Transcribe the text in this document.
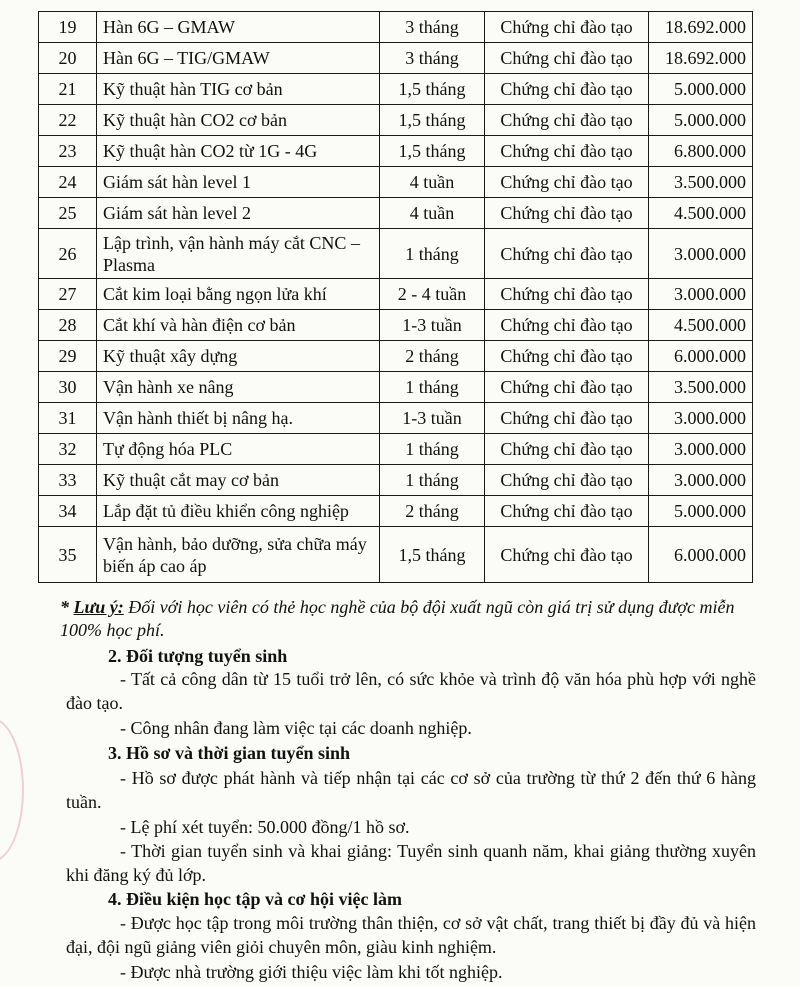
19	Hàn 6G – GMAW	3 tháng	Chứng chỉ đào tạo	18.692.000
20	Hàn 6G – TIG/GMAW	3 tháng	Chứng chỉ đào tạo	18.692.000
21	Kỹ thuật hàn TIG cơ bản	1,5 tháng	Chứng chỉ đào tạo	5.000.000
22	Kỹ thuật hàn CO2 cơ bản	1,5 tháng	Chứng chỉ đào tạo	5.000.000
23	Kỹ thuật hàn CO2 từ 1G - 4G	1,5 tháng	Chứng chỉ đào tạo	6.800.000
24	Giám sát hàn level 1	4 tuần	Chứng chỉ đào tạo	3.500.000
25	Giám sát hàn level 2	4 tuần	Chứng chỉ đào tạo	4.500.000
26	Lập trình, vận hành máy cắt CNC – Plasma	1 tháng	Chứng chỉ đào tạo	3.000.000
27	Cắt kim loại bằng ngọn lửa khí	2 - 4 tuần	Chứng chỉ đào tạo	3.000.000
28	Cắt khí và hàn điện cơ bản	1-3 tuần	Chứng chỉ đào tạo	4.500.000
29	Kỹ thuật xây dựng	2 tháng	Chứng chỉ đào tạo	6.000.000
30	Vận hành xe nâng	1 tháng	Chứng chỉ đào tạo	3.500.000
31	Vận hành thiết bị nâng hạ.	1-3 tuần	Chứng chỉ đào tạo	3.000.000
32	Tự động hóa PLC	1 tháng	Chứng chỉ đào tạo	3.000.000
33	Kỹ thuật cắt may cơ bản	1 tháng	Chứng chỉ đào tạo	3.000.000
34	Lắp đặt tủ điều khiển công nghiệp	2 tháng	Chứng chỉ đào tạo	5.000.000
35	Vận hành, bảo dưỡng, sửa chữa máy biến áp cao áp	1,5 tháng	Chứng chỉ đào tạo	6.000.000
* Lưu ý: Đối với học viên có thẻ học nghề của bộ đội xuất ngũ còn giá trị sử dụng được miễn 100% học phí.
2. Đối tượng tuyển sinh
- Tất cả công dân từ 15 tuổi trở lên, có sức khỏe và trình độ văn hóa phù hợp với nghề đào tạo.
- Công nhân đang làm việc tại các doanh nghiệp.
3. Hồ sơ và thời gian tuyển sinh
- Hồ sơ được phát hành và tiếp nhận tại các cơ sở của trường từ thứ 2 đến thứ 6 hàng tuần.
- Lệ phí xét tuyển: 50.000 đồng/1 hồ sơ.
- Thời gian tuyển sinh và khai giảng: Tuyển sinh quanh năm, khai giảng thường xuyên khi đăng ký đủ lớp.
4. Điều kiện học tập và cơ hội việc làm
- Được học tập trong môi trường thân thiện, cơ sở vật chất, trang thiết bị đầy đủ và hiện đại, đội ngũ giảng viên giỏi chuyên môn, giàu kinh nghiệm.
- Được nhà trường giới thiệu việc làm khi tốt nghiệp.
